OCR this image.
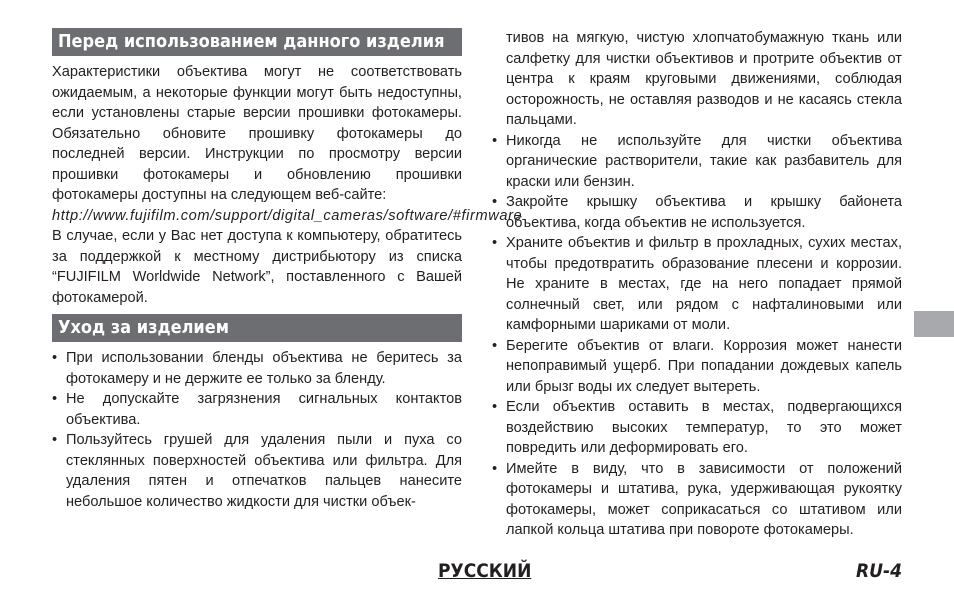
Перед использованием данного изделия

Характеристики объектива могут не соответствовать ожидаемым, а некоторые функции могут быть недоступны, если установлены старые версии прошивки фотокамеры. Обязательно обновите прошивку фотокамеры до последней версии. Инструкции по просмотру версии прошивки фотокамеры и обновлению прошивки фотокамеры доступны на следующем веб-сайте:

http://www.fujifilm.com/support/digital_cameras/software/#firmware

В случае, если у Вас нет доступа к компьютеру, обратитесь за поддержкой к местному дистрибьютору из списка “FUJIFILM Worldwide Network”, поставленного с Вашей фотокамерой.

Уход за изделием
• При использовании бленды объектива не беритесь за фотокамеру и не держите ее только за бленду.
• Не допускайте загрязнения сигнальных контактов объектива.
• Пользуйтесь грушей для удаления пыли и пуха со стеклянных поверхностей объектива или фильтра. Для удаления пятен и отпечатков пальцев нанесите небольшое количество жидкости для чистки объек-

тивов на мягкую, чистую хлопчатобумажную ткань или салфетку для чистки объективов и протрите объектив от центра к краям круговыми движениями, соблюдая осторожность, не оставляя разводов и не касаясь стекла пальцами.

• Никогда не используйте для чистки объектива органические растворители, такие как разбавитель для краски или бензин.
• Закройте крышку объектива и крышку байонета объектива, когда объектив не используется.
• Храните объектив и фильтр в прохладных, сухих местах, чтобы предотвратить образование плесени и коррозии. Не храните в местах, где на него попадает прямой солнечный свет, или рядом с нафталиновыми или камфорными шариками от моли.
• Берегите объектив от влаги. Коррозия может нанести непоправимый ущерб. При попадании дождевых капель или брызг воды их следует вытереть.
• Если объектив оставить в местах, подвергающихся воздействию высоких температур, то это может повредить или деформировать его.
• Имейте в виду, что в зависимости от положений фотокамеры и штатива, рука, удерживающая рукоятку фотокамеры, может соприкасаться со штативом или лапкой кольца штатива при повороте фотокамеры.
РУССКИЙ	RU-4
